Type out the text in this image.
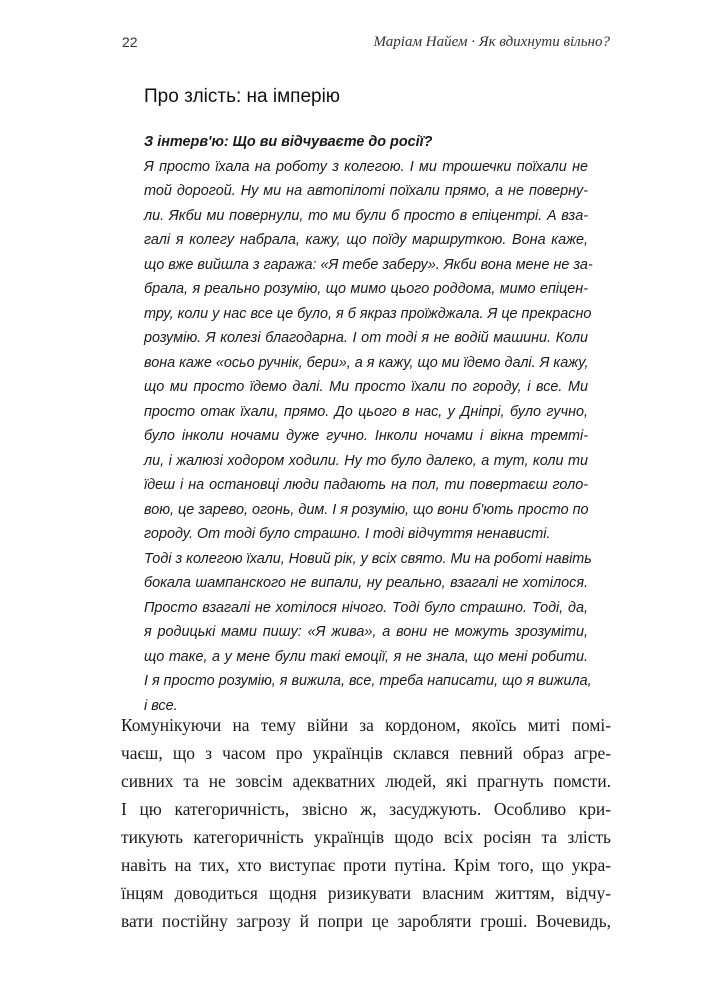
22	Маріам Найем · Як вдихнути вільно?
Про злість: на імперію
З інтерв'ю: Що ви відчуваєте до росії?
Я просто їхала на роботу з колегою. І ми трошечки поїхали не
той дорогой. Ну ми на автопілоті поїхали прямо, а не поверну-
ли. Якби ми повернули, то ми були б просто в епіцентрі. А взa-
галі я колегу набрала, кажу, що поїду маршруткою. Вона каже,
що вже вийшла з гаража: «Я тебе заберу». Якби вона мене не за-
брала, я реально розумію, що мимо цього роддома, мимо епіцен-
тру, коли у нас все це було, я б якраз проїжджала. Я це прекрасно
розумію. Я колезі благодарна. І от тоді я не водій машини. Коли
вона каже «осьо ручнік, бери», а я кажу, що ми їдемо далі. Я кажу,
що ми просто їдемо далі. Ми просто їхали по городу, і все. Ми
просто отак їхали, прямо. До цього в нас, у Дніпрі, було гучно,
було інколи ночами дуже гучно. Інколи ночами і вікна тремті-
ли, і жалюзі ходором ходили. Ну то було далеко, а тут, коли ти
їдеш і на остановці люди падають на пол, ти повертаєш голо-
вою, це зарево, огонь, дим. І я розумію, що вони б'ють просто по
городу. От тоді було страшно. І тоді відчуття ненависті.
Тоді з колегою їхали, Новий рік, у всіх свято. Ми на роботі навіть
бокала шампанского не випали, ну реально, взагалі не хотілося.
Просто взагалі не хотілося нічого. Тоді було страшно. Тоді, да,
я родицькі мами пишу: «Я жива», а вони не можуть зрозуміти,
що таке, а у мене були такі емоції, я не знала, що мені робити.
І я просто розумію, я вижила, все, треба написати, що я вижила,
і все.
Комунікуючи на тему війни за кордоном, якоїсь миті помі-
чаєш, що з часом про українців склався певний образ агре-
сивних та не зовсім адекватних людей, які прагнуть помсти.
І цю категоричність, звісно ж, засуджують. Особливо кри-
тикують категоричність українців щодо всіх росіян та злість
навіть на тих, хто виступає проти путіна. Крім того, що укра-
їнцям доводиться щодня ризикувати власним життям, відчу-
вати постійну загрозу й попри це заробляти гроші. Вочевидь,
